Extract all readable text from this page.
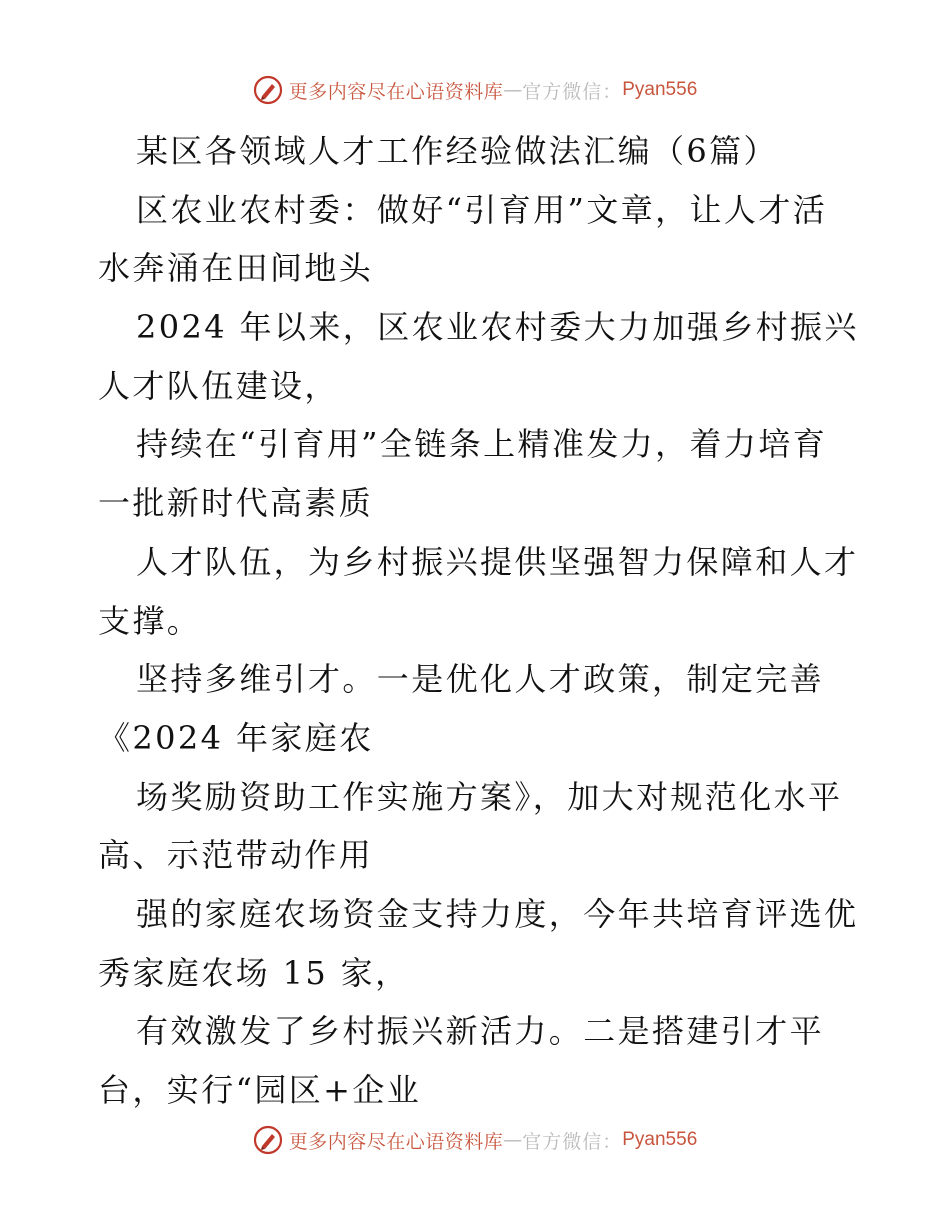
更多内容尽在心语资料库 — 官方微信： Pyan556
某区各领域人才工作经验做法汇编（6篇）
区农业农村委：做好“引育用”文章，让人才活
水奔涌在田间地头
2024 年以来，区农业农村委大力加强乡村振兴
人才队伍建设，
持续在“引育用”全链条上精准发力，着力培育
一批新时代高素质
人才队伍，为乡村振兴提供坚强智力保障和人才
支撑。
坚持多维引才。一是优化人才政策，制定完善
《2024 年家庭农
场奖励资助工作实施方案》，加大对规范化水平
高、示范带动作用
强的家庭农场资金支持力度，今年共培育评选优
秀家庭农场 15 家，
有效激发了乡村振兴新活力。二是搭建引才平
台，实行“园区+企业
更多内容尽在心语资料库 — 官方微信： Pyan556
